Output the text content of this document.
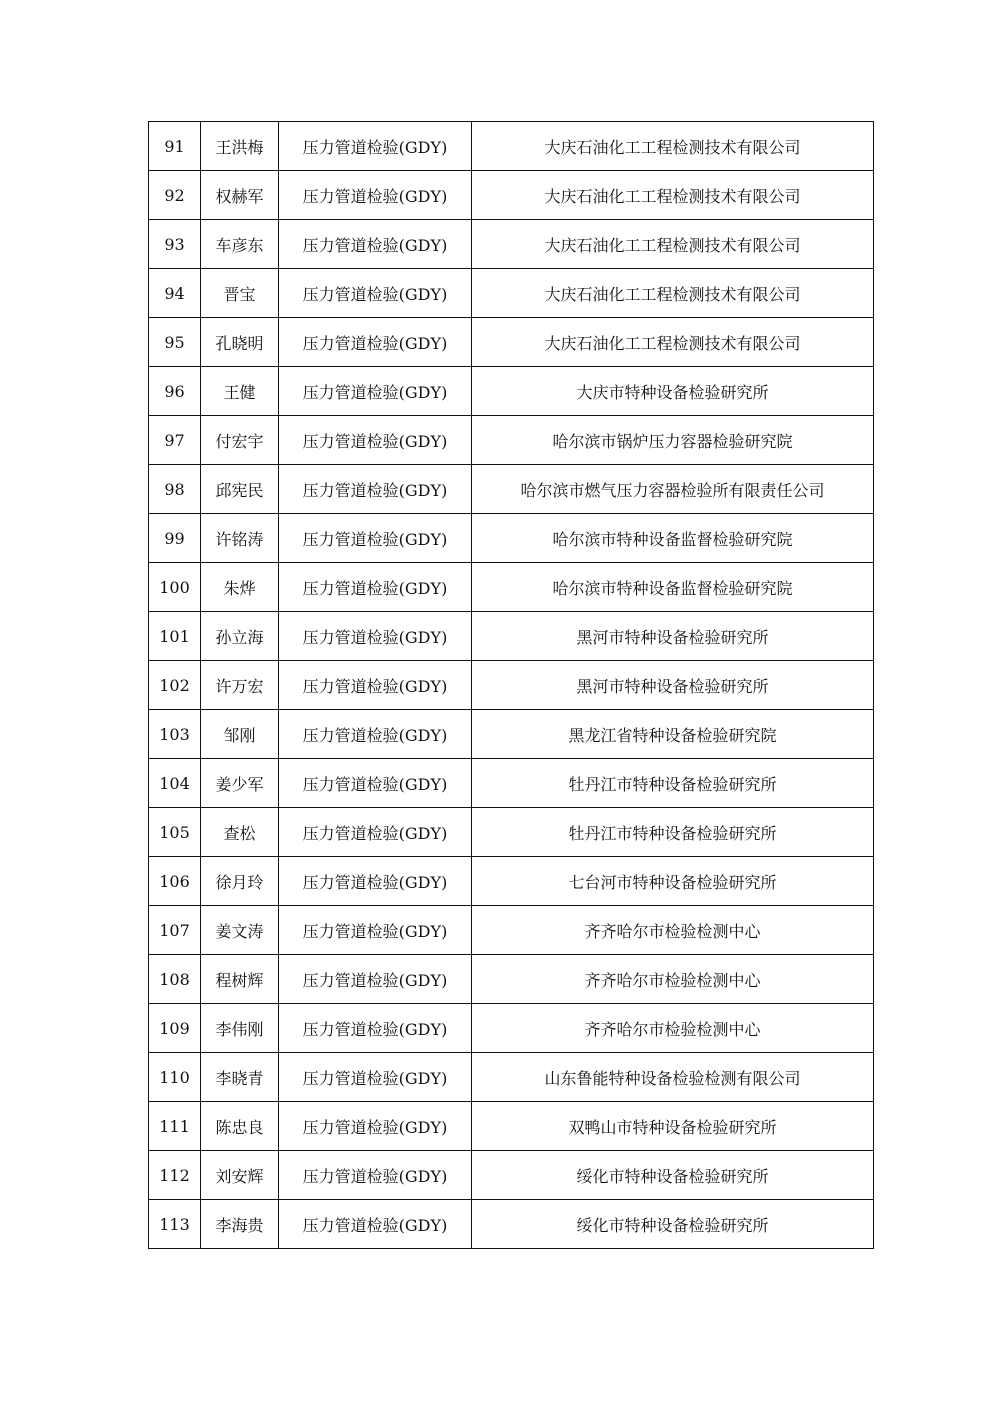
91	王洪梅	压力管道检验(GDY)	大庆石油化工工程检测技术有限公司
92	权赫军	压力管道检验(GDY)	大庆石油化工工程检测技术有限公司
93	车彦东	压力管道检验(GDY)	大庆石油化工工程检测技术有限公司
94	晋宝	压力管道检验(GDY)	大庆石油化工工程检测技术有限公司
95	孔晓明	压力管道检验(GDY)	大庆石油化工工程检测技术有限公司
96	王健	压力管道检验(GDY)	大庆市特种设备检验研究所
97	付宏宇	压力管道检验(GDY)	哈尔滨市锅炉压力容器检验研究院
98	邱宪民	压力管道检验(GDY)	哈尔滨市燃气压力容器检验所有限责任公司
99	许铭涛	压力管道检验(GDY)	哈尔滨市特种设备监督检验研究院
100	朱烨	压力管道检验(GDY)	哈尔滨市特种设备监督检验研究院
101	孙立海	压力管道检验(GDY)	黑河市特种设备检验研究所
102	许万宏	压力管道检验(GDY)	黑河市特种设备检验研究所
103	邹刚	压力管道检验(GDY)	黑龙江省特种设备检验研究院
104	姜少军	压力管道检验(GDY)	牡丹江市特种设备检验研究所
105	查松	压力管道检验(GDY)	牡丹江市特种设备检验研究所
106	徐月玲	压力管道检验(GDY)	七台河市特种设备检验研究所
107	姜文涛	压力管道检验(GDY)	齐齐哈尔市检验检测中心
108	程树辉	压力管道检验(GDY)	齐齐哈尔市检验检测中心
109	李伟刚	压力管道检验(GDY)	齐齐哈尔市检验检测中心
110	李晓青	压力管道检验(GDY)	山东鲁能特种设备检验检测有限公司
111	陈忠良	压力管道检验(GDY)	双鸭山市特种设备检验研究所
112	刘安辉	压力管道检验(GDY)	绥化市特种设备检验研究所
113	李海贵	压力管道检验(GDY)	绥化市特种设备检验研究所
